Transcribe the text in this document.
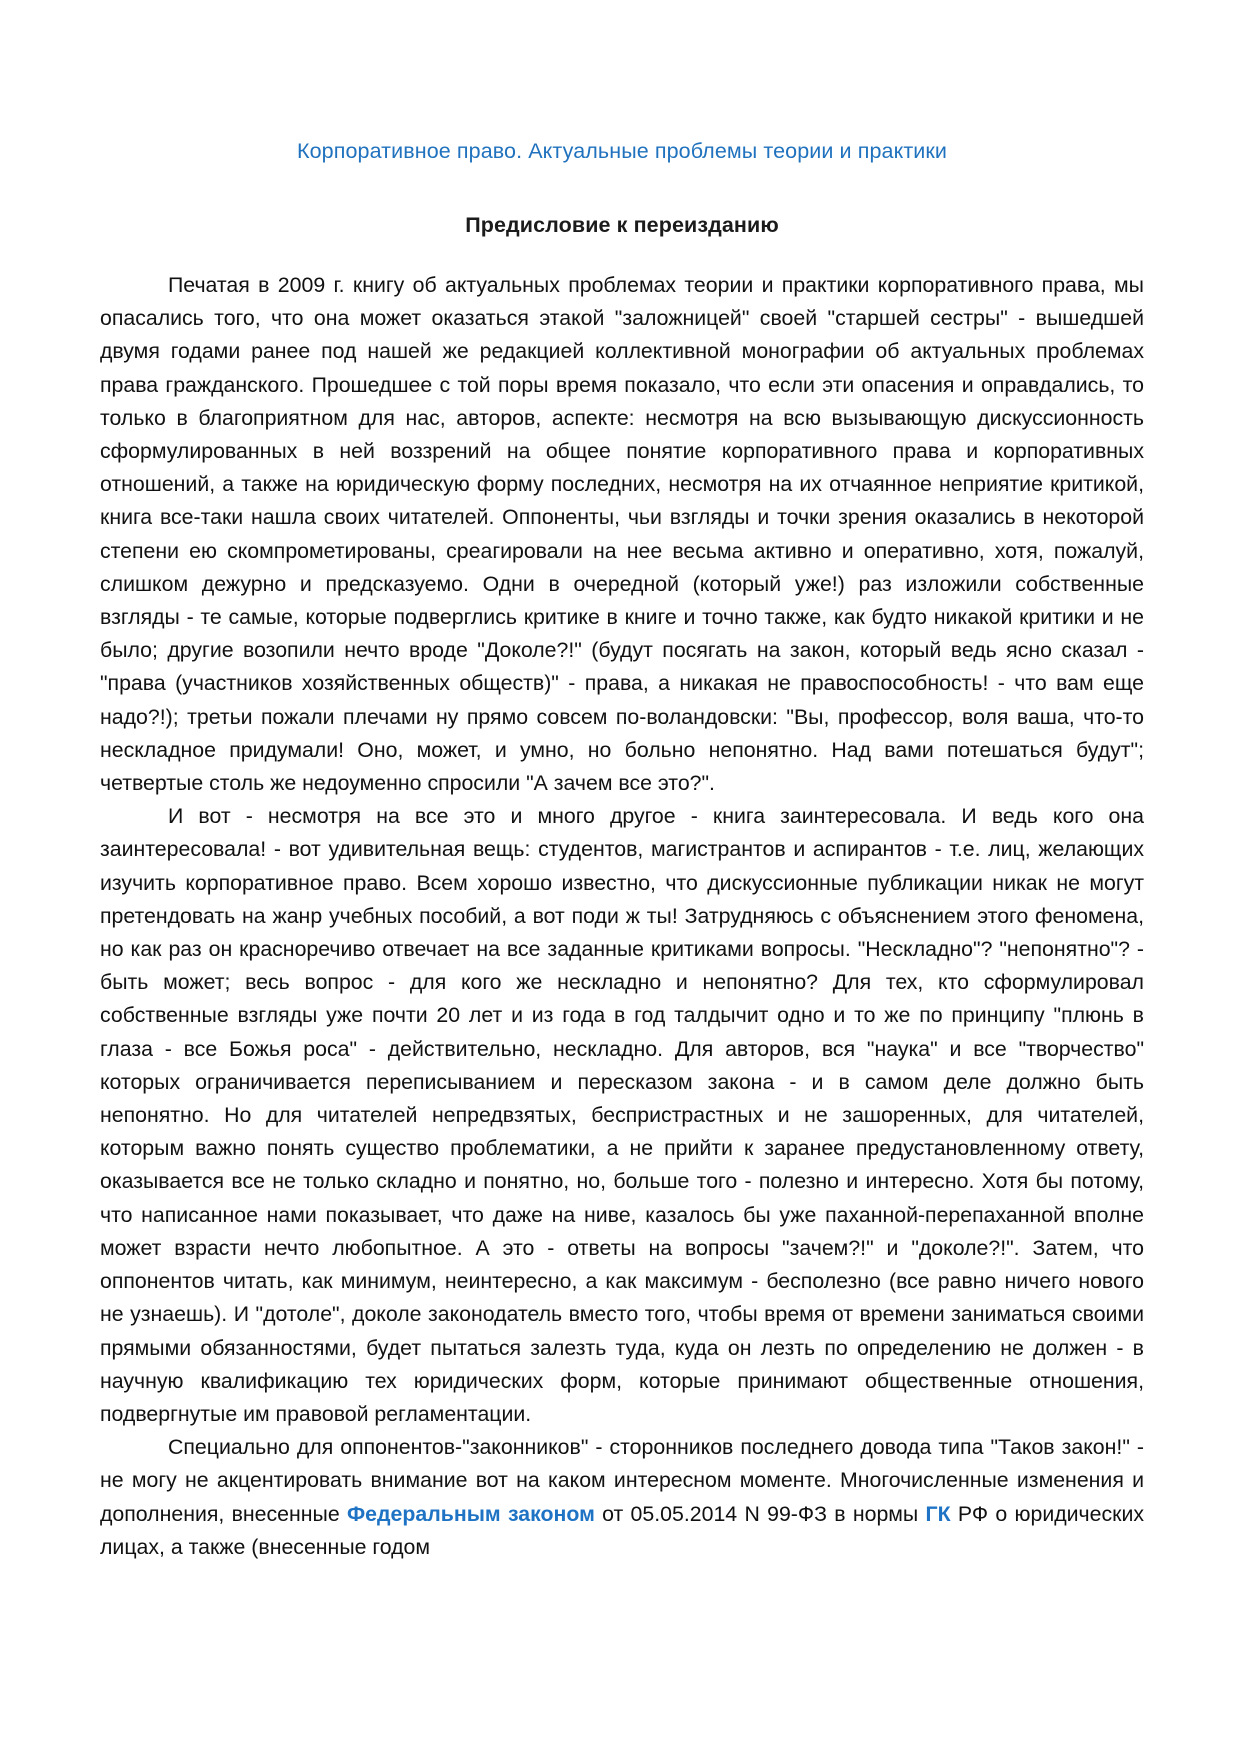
Корпоративное право. Актуальные проблемы теории и практики
Предисловие к переизданию

Печатая в 2009 г. книгу об актуальных проблемах теории и практики корпоративного права, мы опасались того, что она может оказаться этакой "заложницей" своей "старшей сестры" - вышедшей двумя годами ранее под нашей же редакцией коллективной монографии об актуальных проблемах права гражданского. Прошедшее с той поры время показало, что если эти опасения и оправдались, то только в благоприятном для нас, авторов, аспекте: несмотря на всю вызывающую дискуссионность сформулированных в ней воззрений на общее понятие корпоративного права и корпоративных отношений, а также на юридическую форму последних, несмотря на их отчаянное неприятие критикой, книга все-таки нашла своих читателей. Оппоненты, чьи взгляды и точки зрения оказались в некоторой степени ею скомпрометированы, среагировали на нее весьма активно и оперативно, хотя, пожалуй, слишком дежурно и предсказуемо. Одни в очередной (который уже!) раз изложили собственные взгляды - те самые, которые подверглись критике в книге и точно также, как будто никакой критики и не было; другие возопили нечто вроде "Доколе?!" (будут посягать на закон, который ведь ясно сказал - "права (участников хозяйственных обществ)" - права, а никакая не правоспособность! - что вам еще надо?!); третьи пожали плечами ну прямо совсем по-воландовски: "Вы, профессор, воля ваша, что-то нескладное придумали! Оно, может, и умно, но больно непонятно. Над вами потешаться будут"; четвертые столь же недоуменно спросили "А зачем все это?".

И вот - несмотря на все это и много другое - книга заинтересовала. И ведь кого она заинтересовала! - вот удивительная вещь: студентов, магистрантов и аспирантов - т.е. лиц, желающих изучить корпоративное право. Всем хорошо известно, что дискуссионные публикации никак не могут претендовать на жанр учебных пособий, а вот поди ж ты! Затрудняюсь с объяснением этого феномена, но как раз он красноречиво отвечает на все заданные критиками вопросы. "Нескладно"? "непонятно"? - быть может; весь вопрос - для кого же нескладно и непонятно? Для тех, кто сформулировал собственные взгляды уже почти 20 лет и из года в год талдычит одно и то же по принципу "плюнь в глаза - все Божья роса" - действительно, нескладно. Для авторов, вся "наука" и все "творчество" которых ограничивается переписыванием и пересказом закона - и в самом деле должно быть непонятно. Но для читателей непредвзятых, беспристрастных и не зашоренных, для читателей, которым важно понять существо проблематики, а не прийти к заранее предустановленному ответу, оказывается все не только складно и понятно, но, больше того - полезно и интересно. Хотя бы потому, что написанное нами показывает, что даже на ниве, казалось бы уже паханной-перепаханной вполне может взрасти нечто любопытное. А это - ответы на вопросы "зачем?!" и "доколе?!". Затем, что оппонентов читать, как минимум, неинтересно, а как максимум - бесполезно (все равно ничего нового не узнаешь). И "дотоле", доколе законодатель вместо того, чтобы время от времени заниматься своими прямыми обязанностями, будет пытаться залезть туда, куда он лезть по определению не должен - в научную квалификацию тех юридических форм, которые принимают общественные отношения, подвергнутые им правовой регламентации.

Специально для оппонентов-"законников" - сторонников последнего довода типа "Таков закон!" - не могу не акцентировать внимание вот на каком интересном моменте. Многочисленные изменения и дополнения, внесенные Федеральным законом от 05.05.2014 N 99-ФЗ в нормы ГК РФ о юридических лицах, а также (внесенные годом
